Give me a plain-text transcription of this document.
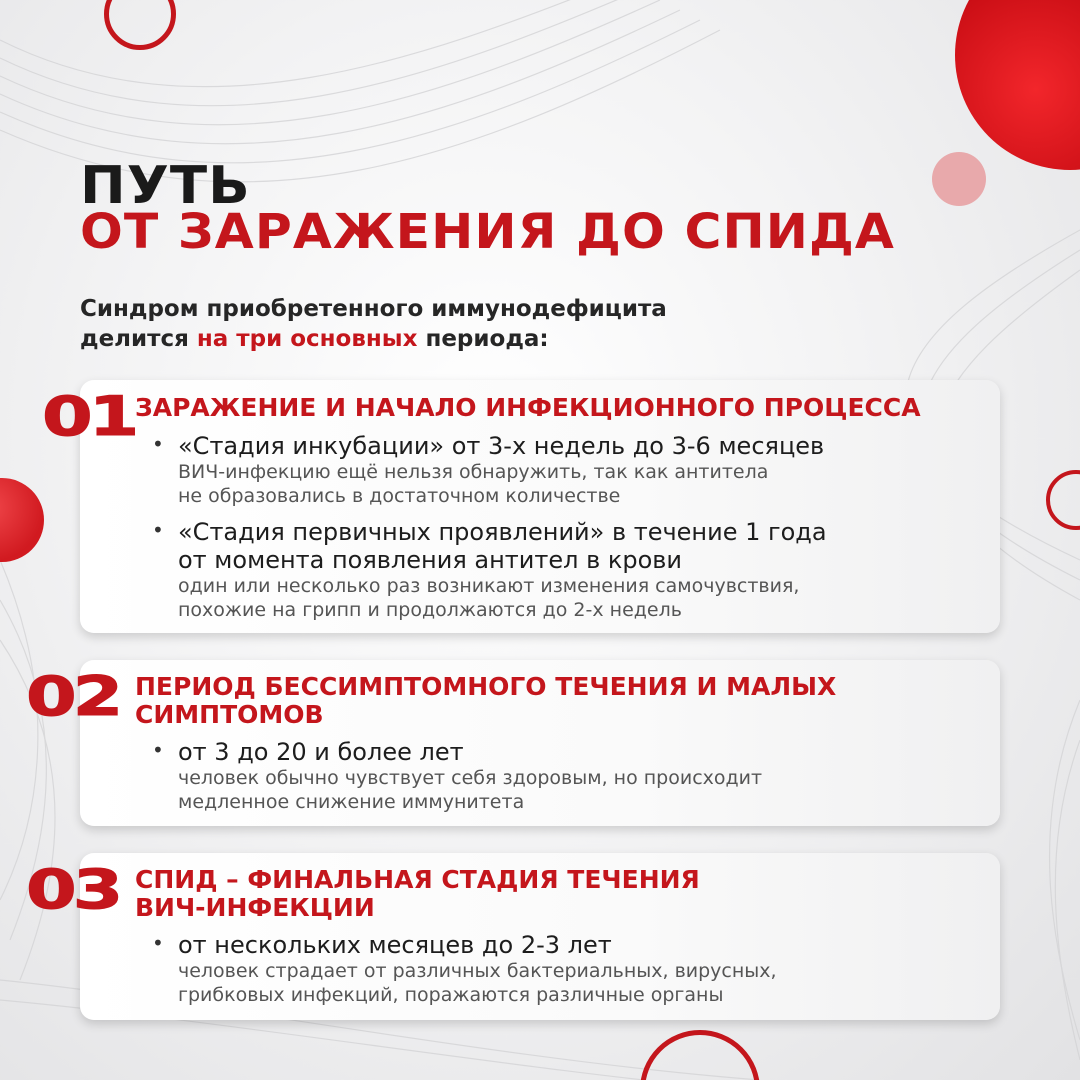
ПУТЬ
ОТ ЗАРАЖЕНИЯ ДО СПИДА
Синдром приобретенного иммунодефицита
делится на три основных периода:
01 ЗАРАЖЕНИЕ И НАЧАЛО ИНФЕКЦИОННОГО ПРОЦЕССА
• «Стадия инкубации» от 3-х недель до 3-6 месяцев
ВИЧ-инфекцию ещё нельзя обнаружить, так как антитела
не образовались в достаточном количестве
• «Стадия первичных проявлений» в течение 1 года
от момента появления антител в крови
один или несколько раз возникают изменения самочувствия,
похожие на грипп и продолжаются до 2-х недель
02 ПЕРИОД БЕССИМПТОМНОГО ТЕЧЕНИЯ И МАЛЫХ
СИМПТОМОВ
• от 3 до 20 и более лет
человек обычно чувствует себя здоровым, но происходит
медленное снижение иммунитета
03 СПИД – ФИНАЛЬНАЯ СТАДИЯ ТЕЧЕНИЯ
ВИЧ-ИНФЕКЦИИ
• от нескольких месяцев до 2-3 лет
человек страдает от различных бактериальных, вирусных,
грибковых инфекций, поражаются различные органы
